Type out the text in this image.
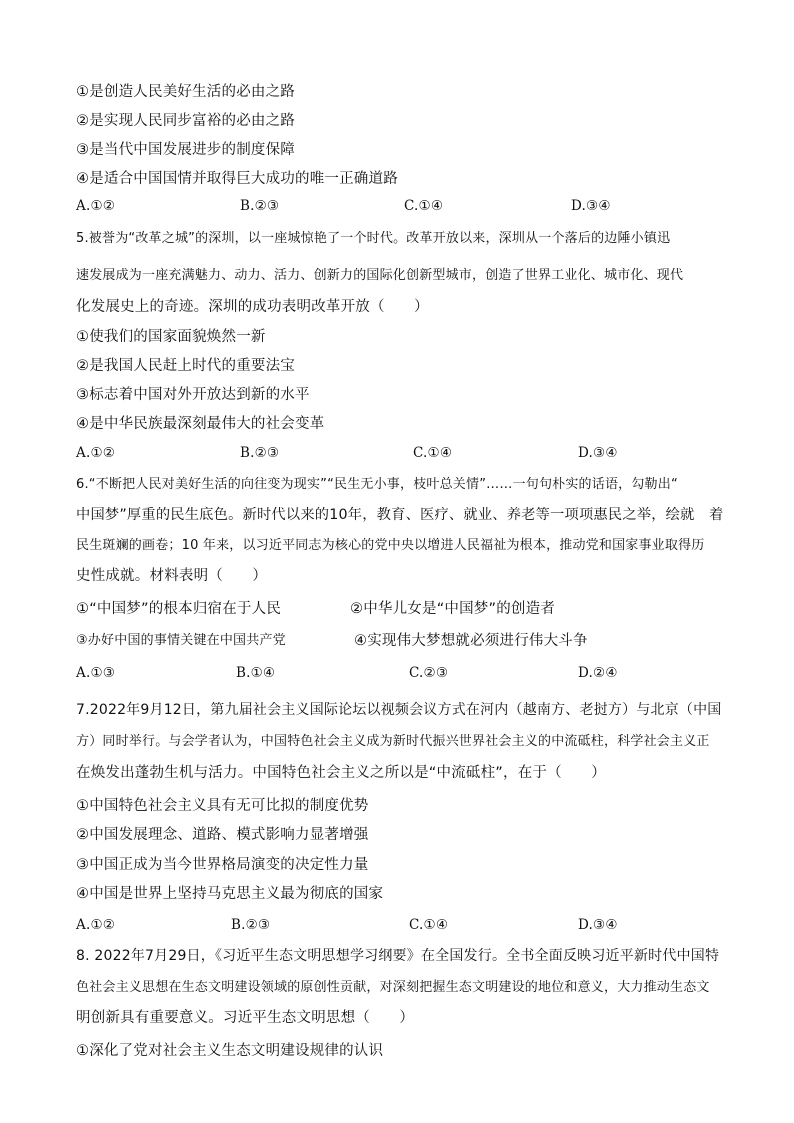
①是创造人民美好生活的必由之路
②是实现人民同步富裕的必由之路
③是当代中国发展进步的制度保障
④是适合中国国情并取得巨大成功的唯一正确道路
A.①②	B.②③	C.①④	D.③④
5.被誉为“改革之城”的深圳，以一座城惊艳了一个时代。改革开放以来，深圳从一个落后的边陲小镇迅
速发展成为一座充满魅力、动力、活力、创新力的国际化创新型城市，创造了世界工业化、城市化、现代
化发展史上的奇迹。深圳的成功表明改革开放（　　）
①使我们的国家面貌焕然一新
②是我国人民赶上时代的重要法宝
③标志着中国对外开放达到新的水平
④是中华民族最深刻最伟大的社会变革
A.①②	B.②③	C.①④	D.③④
6.“不断把人民对美好生活的向往变为现实”“民生无小事，枝叶总关情”……一句句朴实的话语，勾勒出“
中国梦”厚重的民生底色。新时代以来的10年，教育、医疗、就业、养老等一项项惠民之举，绘就　着
民生斑斓的画卷；10 年来，以习近平同志为核心的党中央以增进人民福祉为根本，推动党和国家事业取得历
史性成就。材料表明（　　）
①“中国梦”的根本归宿在于人民	②中华儿女是“中国梦”的创造者
③办好中国的事情关键在中国共产党	④实现伟大梦想就必须进行伟大斗争
A.①③	B.①④	C.②③	D.②④
7.2022年9月12日，第九届社会主义国际论坛以视频会议方式在河内（越南方、老挝方）与北京（中国
方）同时举行。与会学者认为，中国特色社会主义成为新时代振兴世界社会主义的中流砥柱，科学社会主义正
在焕发出蓬勃生机与活力。中国特色社会主义之所以是“中流砥柱”，在于（　　）
①中国特色社会主义具有无可比拟的制度优势
②中国发展理念、道路、模式影响力显著增强
③中国正成为当今世界格局演变的决定性力量
④中国是世界上坚持马克思主义最为彻底的国家
A.①②	B.②③	C.①④	D.③④
8. 2022年7月29日，《习近平生态文明思想学习纲要》在全国发行。全书全面反映习近平新时代中国特
色社会主义思想在生态文明建设领域的原创性贡献，对深刻把握生态文明建设的地位和意义，大力推动生态文
明创新具有重要意义。习近平生态文明思想（　　）
①深化了党对社会主义生态文明建设规律的认识
